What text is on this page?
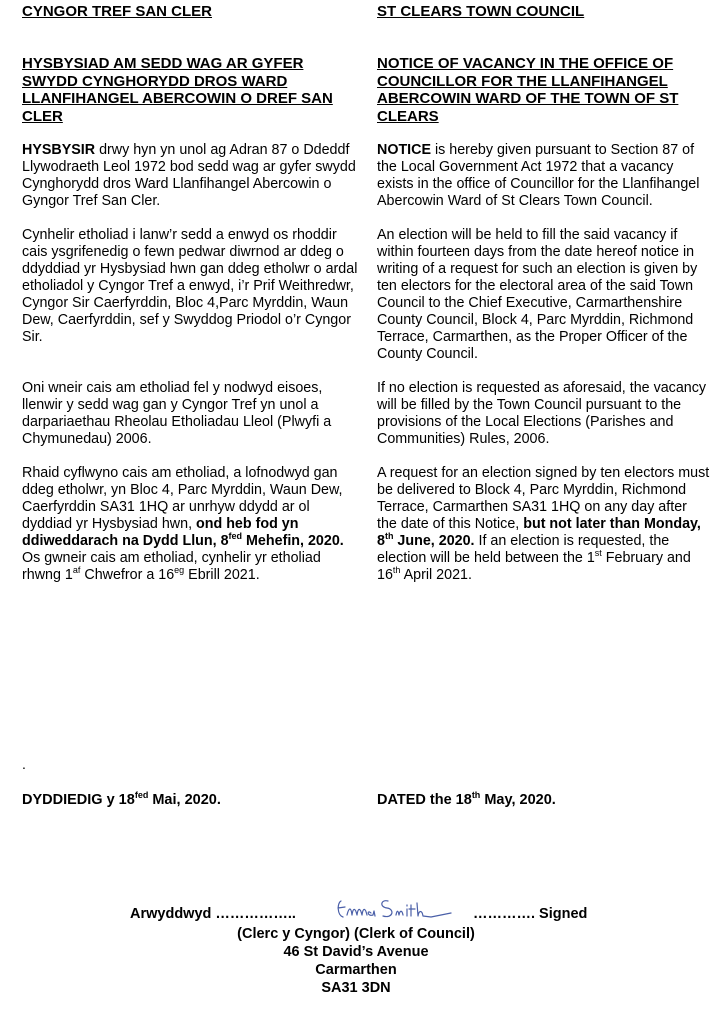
CYNGOR TREF SAN CLER
HYSBYSIAD AM SEDD WAG AR GYFER SWYDD CYNGHORYDD DROS WARD LLANFIHANGEL ABERCOWIN O DREF SAN CLER
HYSBYSIR drwy hyn yn unol ag Adran 87 o Ddeddf Llywodraeth Leol 1972 bod sedd wag ar gyfer swydd Cynghorydd dros Ward Llanfihangel Abercowin o Gyngor Tref San Cler.
Cynhelir etholiad i lanw’r sedd a enwyd os rhoddir cais ysgrifenedig o fewn pedwar diwrnod ar ddeg o ddyddiad yr Hysbysiad hwn gan ddeg etholwr o ardal etholiadol y Cyngor Tref a enwyd, i’r Prif Weithredwr, Cyngor Sir Caerfyrddin, Bloc 4,Parc Myrddin, Waun Dew, Caerfyrddin, sef y Swyddog Priodol o’r Cyngor Sir.
Oni wneir cais am etholiad fel y nodwyd eisoes, llenwir y sedd wag gan y Cyngor Tref yn unol a darpariaethau Rheolau Etholiadau Lleol (Plwyfi a Chymunedau) 2006.
Rhaid cyflwyno cais am etholiad, a lofnodwyd gan ddeg etholwr, yn Bloc 4, Parc Myrddin, Waun Dew, Caerfyrddin SA31 1HQ ar unrhyw ddydd ar ol dyddiad yr Hysbysiad hwn, ond heb fod yn ddiweddarach na Dydd Llun, $8^{fed}$ Mehefin, 2020. Os gwneir cais am etholiad, cynhelir yr etholiad rhwng $1^{af}$ Chwefror a $16^{eg}$ Ebrill 2021.
ST CLEARS TOWN COUNCIL
NOTICE OF VACANCY IN THE OFFICE OF COUNCILLOR FOR THE LLANFIHANGEL ABERCOWIN WARD OF THE TOWN OF ST CLEARS
NOTICE is hereby given pursuant to Section 87 of the Local Government Act 1972 that a vacancy exists in the office of Councillor for the Llanfihangel Abercowin Ward of St Clears Town Council.
An election will be held to fill the said vacancy if within fourteen days from the date hereof notice in writing of a request for such an election is given by ten electors for the electoral area of the said Town Council to the Chief Executive, Carmarthenshire County Council, Block 4, Parc Myrddin, Richmond Terrace, Carmarthen, as the Proper Officer of the County Council.
If no election is requested as aforesaid, the vacancy will be filled by the Town Council pursuant to the provisions of the Local Elections (Parishes and Communities) Rules, 2006.
A request for an election signed by ten electors must be delivered to Block 4, Parc Myrddin, Richmond Terrace, Carmarthen SA31 1HQ on any day after the date of this Notice, but not later than Monday, 8th June, 2020. If an election is requested, the election will be held between the 1st February and 16th April 2021.
.
DYDDIEDIG y $18^{fed}$ Mai, 2020.	DATED the 18th May, 2020.
Arwyddwyd ……………..	…………. Signed
(Clerc y Cyngor) (Clerk of Council)
46 St David’s Avenue
Carmarthen
SA31 3DN
